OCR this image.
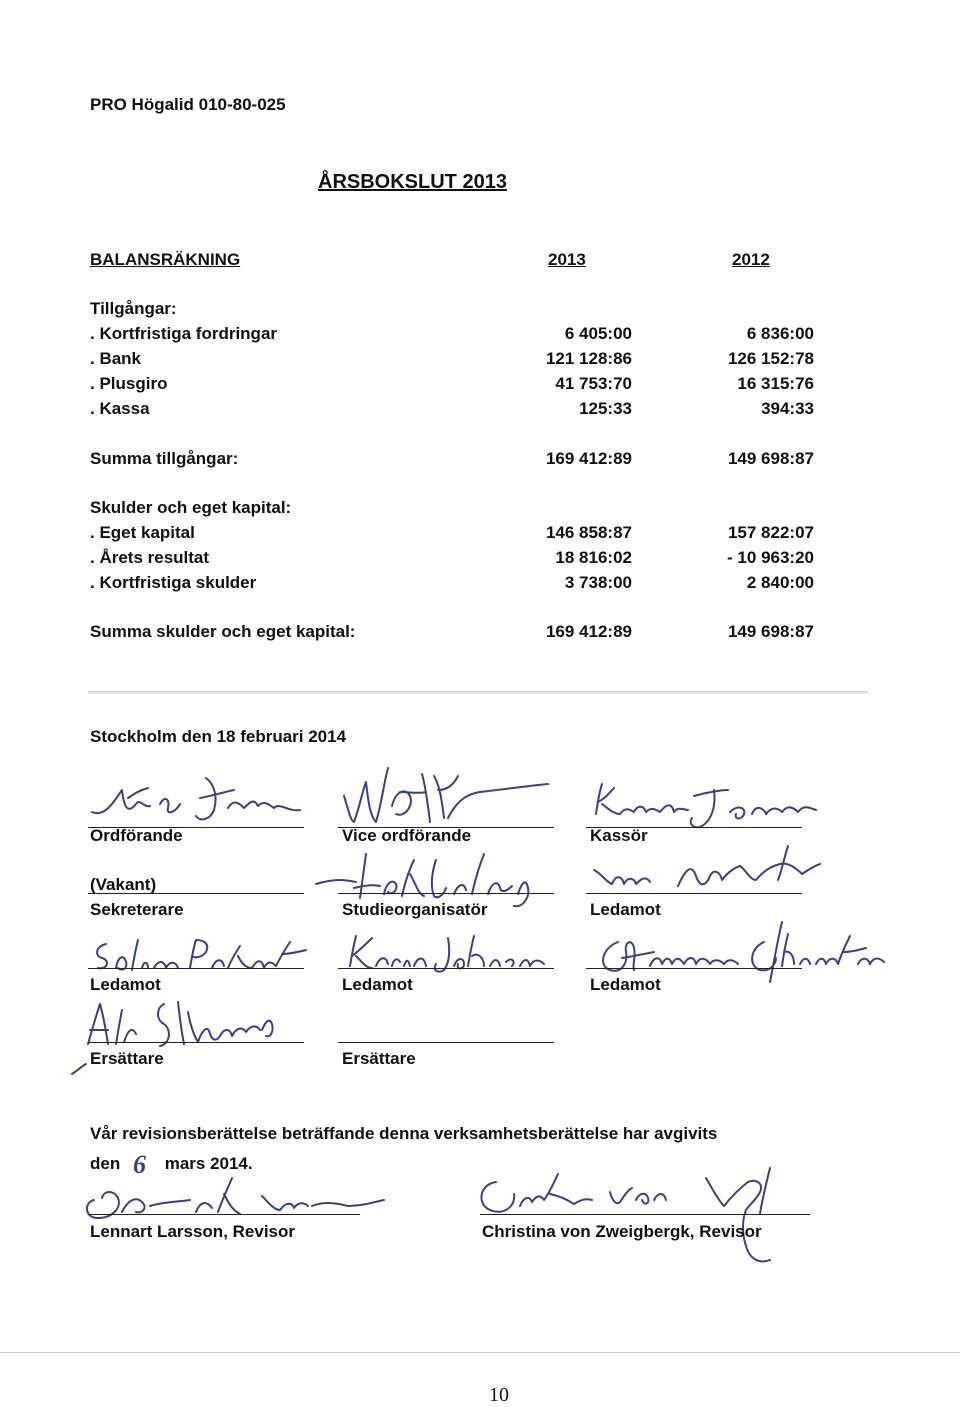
PRO Högalid 010-80-025
ÅRSBOKSLUT 2013
BALANSRÄKNING	2013	2012
Tillgångar:
. Kortfristiga fordringar	6 405:00	6 836:00
. Bank	121 128:86	126 152:78
. Plusgiro	41 753:70	16 315:76
. Kassa	125:33	394:33
Summa tillgångar:	169 412:89	149 698:87
Skulder och eget kapital:
. Eget kapital	146 858:87	157 822:07
. Årets resultat	18 816:02	- 10 963:20
. Kortfristiga skulder	3 738:00	2 840:00
Summa skulder och eget kapital:	169 412:89	149 698:87
Stockholm den 18 februari 2014
Ordförande	Vice ordförande	Kassör
(Vakant)
Sekreterare	Studieorganisatör	Ledamot
Ledamot	Ledamot	Ledamot
Ersättare	Ersättare
Vår revisionsberättelse beträffande denna verksamhetsberättelse har avgivits
den 6 mars 2014.
Lennart Larsson, Revisor	Christina von Zweigbergk, Revisor
10
